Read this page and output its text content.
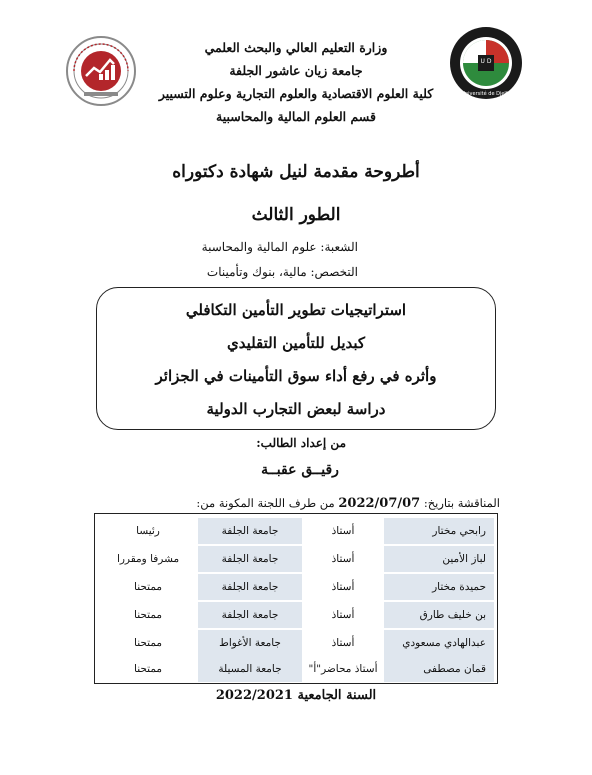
U D
Université de Djelfa
وزارة التعليم العالي والبحث العلمي
جامعة زيان عاشور الجلفة
كلية العلوم الاقتصادية والعلوم التجارية وعلوم التسيير
قسم العلوم المالية والمحاسبية
أطروحة مقدمة لنيل شهادة دكتوراه
الطور الثالث
الشعبة: علوم المالية والمحاسبة
التخصص: مالية، بنوك وتأمينات
استراتيجيات تطوير التأمين التكافلي
كبديل للتأمين التقليدي
وأثره في رفع أداء سوق التأمينات في الجزائر
دراسة لبعض التجارب الدولية
من إعداد الطالب:
رقيــق عقبــة
المناقشة بتاريخ: 2022/07/07 من طرف اللجنة المكونة من:
رابحي مختار
أستاذ
جامعة الجلفة
رئيسا
لباز الأمين
أستاذ
جامعة الجلفة
مشرفا ومقررا
حميدة مختار
أستاذ
جامعة الجلفة
ممتحنا
بن خليف طارق
أستاذ
جامعة الجلفة
ممتحنا
عبدالهادي مسعودي
أستاذ
جامعة الأغواط
ممتحنا
قمان مصطفى
أستاذ محاضر"أ"
جامعة المسيلة
ممتحنا
السنة الجامعية 2022/2021
